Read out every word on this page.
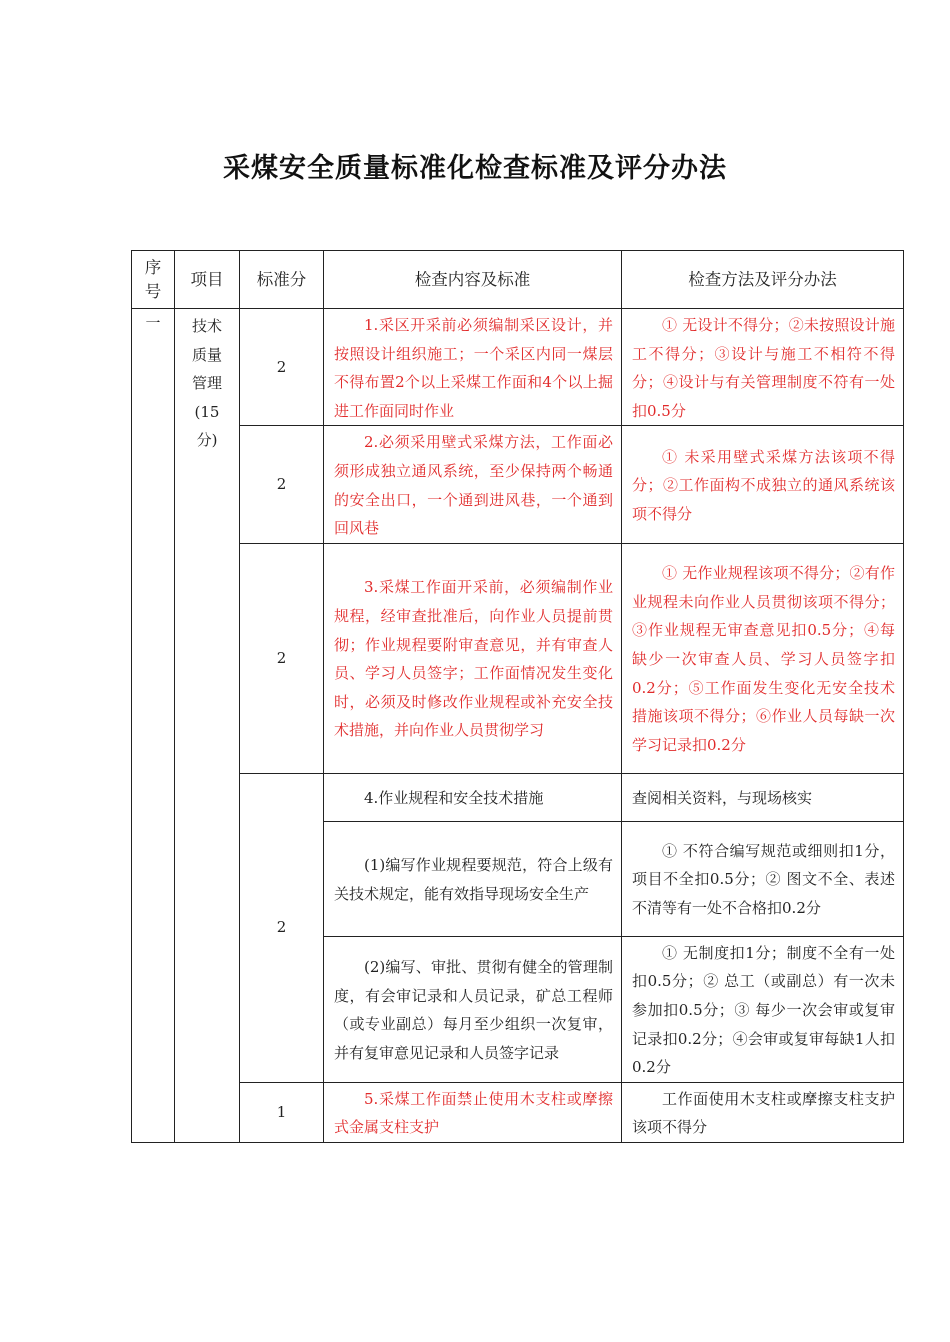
采煤安全质量标准化检查标准及评分办法
序号	项目	标准分	检查内容及标准	检查方法及评分办法
一	技术质量管理(15分)	2	1.采区开采前必须编制采区设计，并按照设计组织施工；一个采区内同一煤层不得布置2个以上采煤工作面和4个以上掘进工作面同时作业	① 无设计不得分；②未按照设计施工不得分；③设计与施工不相符不得分；④设计与有关管理制度不符有一处扣0.5分

		2	2.必须采用壁式采煤方法，工作面必须形成独立通风系统，至少保持两个畅通的安全出口，一个通到进风巷，一个通到回风巷	① 未采用壁式采煤方法该项不得分；②工作面构不成独立的通风系统该项不得分

		2	3.采煤工作面开采前，必须编制作业规程，经审查批准后，向作业人员提前贯彻；作业规程要附审查意见，并有审查人员、学习人员签字；工作面情况发生变化时，必须及时修改作业规程或补充安全技术措施，并向作业人员贯彻学习	① 无作业规程该项不得分；②有作业规程未向作业人员贯彻该项不得分；③作业规程无审查意见扣0.5分；④每缺少一次审查人员、学习人员签字扣0.2分；⑤工作面发生变化无安全技术措施该项不得分；⑥作业人员每缺一次学习记录扣0.2分

		2	4.作业规程和安全技术措施	查阅相关资料，与现场核实

			(1)编写作业规程要规范，符合上级有关技术规定，能有效指导现场安全生产	① 不符合编写规范或细则扣1分，项目不全扣0.5分；② 图文不全、表述不清等有一处不合格扣0.2分

			(2)编写、审批、贯彻有健全的管理制度，有会审记录和人员记录，矿总工程师（或专业副总）每月至少组织一次复审，并有复审意见记录和人员签字记录	① 无制度扣1分；制度不全有一处扣0.5分；② 总工（或副总）有一次未参加扣0.5分；③ 每少一次会审或复审记录扣0.2分；④会审或复审每缺1人扣0.2分

		1	5.采煤工作面禁止使用木支柱或摩擦式金属支柱支护	工作面使用木支柱或摩擦支柱支护该项不得分
